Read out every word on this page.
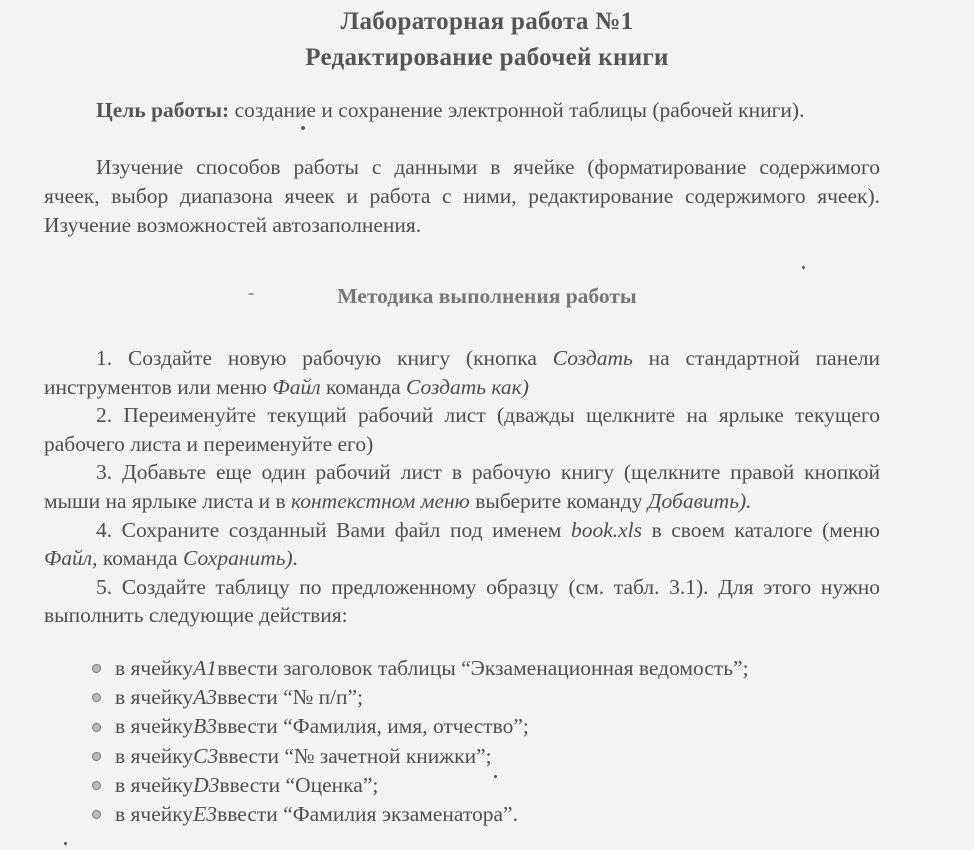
Лабораторная работа №1
Редактирование рабочей книги
Цель работы: создание и сохранение электронной таблицы (рабочей книги).
Изучение способов работы с данными в ячейке (форматирование содержимого ячеек, выбор диапазона ячеек и работа с ними, редактирование содержимого ячеек). Изучение возможностей автозаполнения.
Методика выполнения работы
1. Создайте новую рабочую книгу (кнопка Создать на стандартной панели инструментов или меню Файл команда Создать как)
2. Переименуйте текущий рабочий лист (дважды щелкните на ярлыке текущего рабочего листа и переименуйте его)
3. Добавьте еще один рабочий лист в рабочую книгу (щелкните правой кнопкой мыши на ярлыке листа и в контекстном меню выберите команду Добавить).
4. Сохраните созданный Вами файл под именем book.xls в своем каталоге (меню Файл, команда Сохранить).
5. Создайте таблицу по предложенному образцу (см. табл. 3.1). Для этого нужно выполнить следующие действия:
в ячейку A1 ввести заголовок таблицы “Экзаменационная ведомость”;
в ячейку A3 ввести “№ п/п”;
в ячейку B3 ввести “Фамилия, имя, отчество”;
в ячейку C3 ввести “№ зачетной книжки”;
в ячейку D3 ввести “Оценка”;
в ячейку E3 ввести “Фамилия экзаменатора”.
